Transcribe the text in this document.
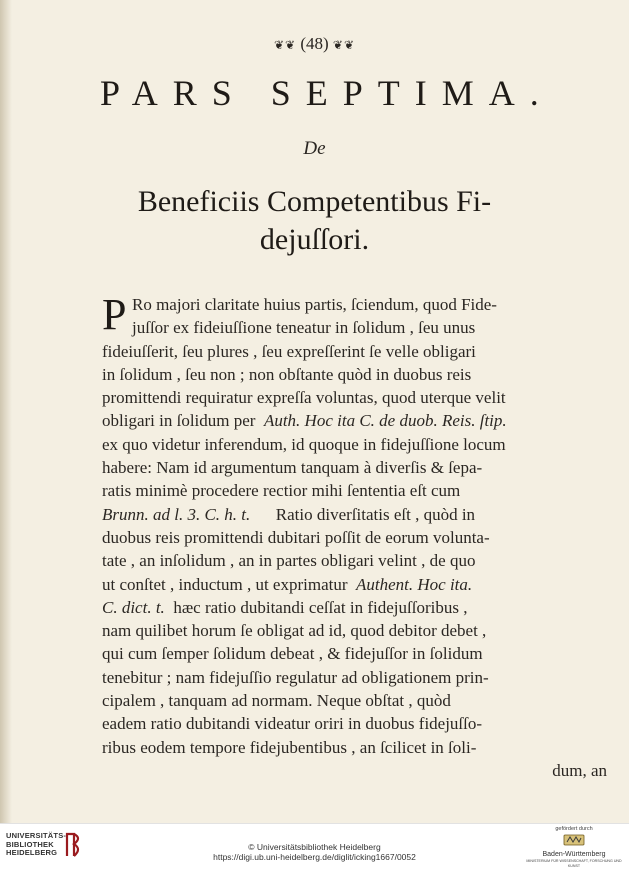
❦❦ (48) ❦❦
PARS SEPTIMA.
De
Beneficiis Competentibus Fi-
dejuſſori.
P Ro majori claritate huius partis, ſciendum, quod Fide-
juſſor ex fideiuſſione teneatur in ſolidum , ſeu unus
fideiuſſerit, ſeu plures , ſeu expreſſerint ſe velle obligari
in ſolidum , ſeu non ; non obſtante quòd in duobus reis
promittendi requiratur expreſſa voluntas, quod uterque velit
obligari in ſolidum per Auth. Hoc ita C. de duob. Reis. ſtip.
ex quo videtur inferendum, id quoque in fidejuſſione locum
habere: Nam id argumentum tanquam à diverſis & ſepa-
ratis minimè procedere rectior mihi ſententia eſt cum
Brunn. ad l. 3. C. h. t. Ratio diverſitatis eſt , quòd in
duobus reis promittendi dubitari poſſit de eorum volunta-
tate , an inſolidum , an in partes obligari velint , de quo
ut conſtet , inductum , ut exprimatur Authent. Hoc ita.
C. dict. t. hæc ratio dubitandi ceſſat in fidejuſſoribus ,
nam quilibet horum ſe obligat ad id, quod debitor debet ,
qui cum ſemper ſolidum debeat , & fidejuſſor in ſolidum
tenebitur ; nam fidejuſſio regulatur ad obligationem prin-
cipalem , tanquam ad normam. Neque obſtat , quòd
eadem ratio dubitandi videatur oriri in duobus fidejuſſo-
ribus eodem tempore fidejubentibus , an ſcilicet in ſoli-
dum, an
UNIVERSITÄTS-
BIBLIOTHEK
HEIDELBERG
© Universitätsbibliothek Heidelberg
https://digi.ub.uni-heidelberg.de/diglit/icking1667/0052
gefördert durch
Baden-Württemberg
MINISTERIUM FÜR WISSENSCHAFT, FORSCHUNG UND KUNST
